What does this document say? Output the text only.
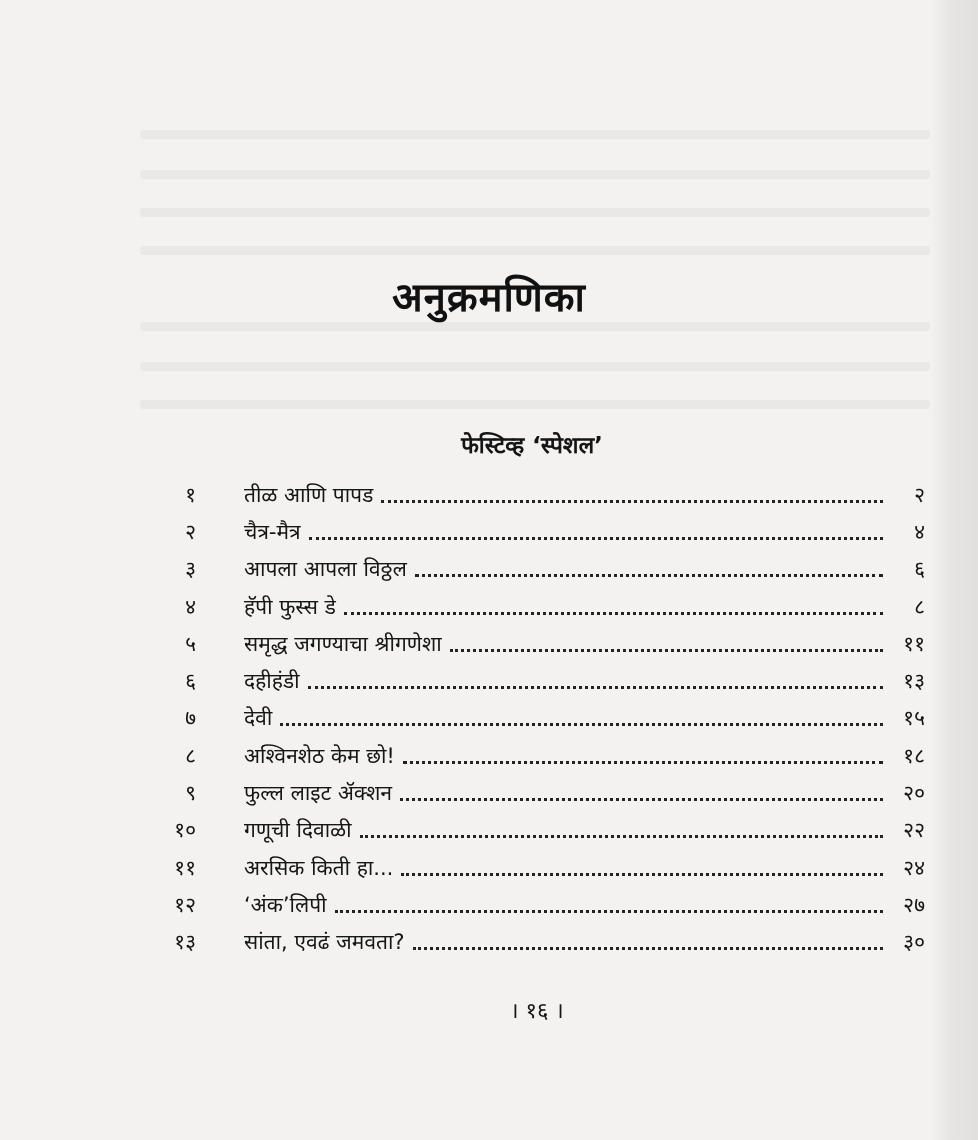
अनुक्रमणिका
फेस्टिव्ह ‘स्पेशल’
१ तीळ आणि पापड	२
२ चैत्र-मैत्र	४
३ आपला आपला विठ्ठल	६
४ हॅपी फुस्स डे	८
५ समृद्ध जगण्याचा श्रीगणेशा	११
६ दहीहंडी	१३
७ देवी	१५
८ अश्विनशेठ केम छो!	१८
९ फुल्ल लाइट ॲक्शन	२०
१० गणूची दिवाळी	२२
११ अरसिक किती हा...	२४
१२ ‘अंक’लिपी	२७
१३ सांता, एवढं जमवता?	३०
। १६ ।
